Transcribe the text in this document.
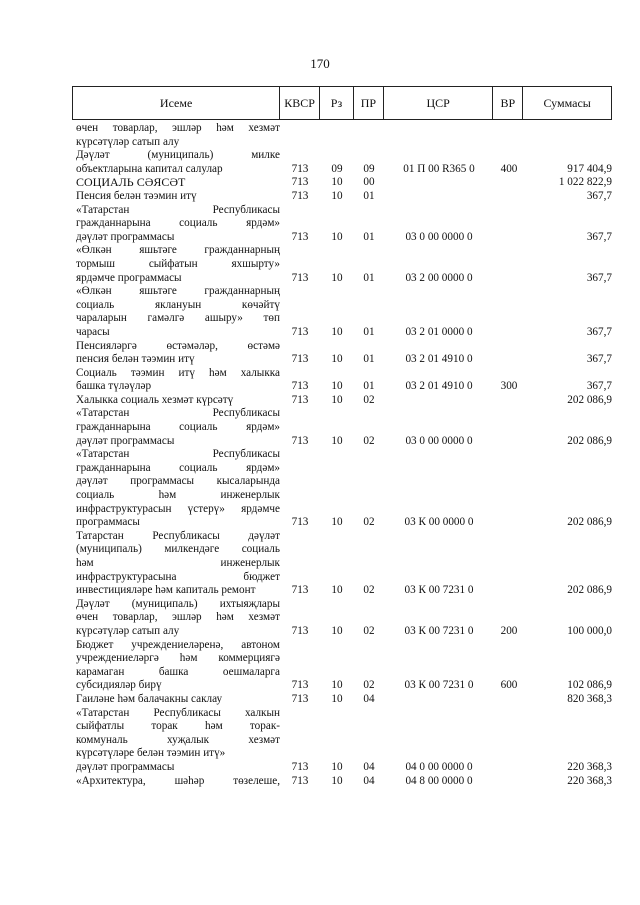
170
Исеме	КВСР	Рз	ПР	ЦСР	ВР	Суммасы
өчен товарлар, эшләр һәм хезмәт
күрсәтүләр сатып алу
Дәүләт (муниципаль) милке
объектларына капитал салулар	713	09	09	01 П 00 R365 0	400	917 404,9
СОЦИАЛЬ СӘЯСӘТ	713	10	00	1 022 822,9
Пенсия белән тәэмин итү	713	10	01	367,7
«Татарстан Республикасы
гражданнарына социаль ярдәм»
дәүләт программасы	713	10	01	03 0 00 0000 0	367,7
«Өлкән яшьтәге гражданнарның
тормыш сыйфатын яхшырту»
ярдәмче программасы	713	10	01	03 2 00 0000 0	367,7
«Өлкән яшьтәге гражданнарның
социаль яклануын көчәйтү
чараларын гамәлгә ашыру» төп
чарасы	713	10	01	03 2 01 0000 0	367,7
Пенсияләргә өстәмәләр, өстәмә
пенсия белән тәэмин итү	713	10	01	03 2 01 4910 0	367,7
Социаль тәэмин итү һәм халыкка
башка түләүләр	713	10	01	03 2 01 4910 0	300	367,7
Халыкка социаль хезмәт күрсәтү	713	10	02	202 086,9
«Татарстан Республикасы
гражданнарына социаль ярдәм»
дәүләт программасы	713	10	02	03 0 00 0000 0	202 086,9
«Татарстан Республикасы
гражданнарына социаль ярдәм»
дәүләт программасы кысаларында
социаль һәм инженерлык
инфраструктурасын үстерү» ярдәмче
программасы	713	10	02	03 К 00 0000 0	202 086,9
Татарстан Республикасы дәүләт
(муниципаль) милкендәге социаль
һәм инженерлык
инфраструктурасына бюджет
инвестицияләре һәм капиталь ремонт	713	10	02	03 К 00 7231 0	202 086,9
Дәүләт (муниципаль) ихтыяҗлары
өчен товарлар, эшләр һәм хезмәт
күрсәтүләр сатып алу	713	10	02	03 К 00 7231 0	200	100 000,0
Бюджет учреждениеләренә, автоном
учреждениеләргә һәм коммерциягә
карамаган башка оешмаларга
субсидияләр бирү	713	10	02	03 К 00 7231 0	600	102 086,9
Гаиләне һәм балачакны саклау	713	10	04	820 368,3
«Татарстан Республикасы халкын
сыйфатлы торак һәм торак-
коммуналь хуҗалык хезмәт
күрсәтүләре белән тәэмин итү»
дәүләт программасы	713	10	04	04 0 00 0000 0	220 368,3
«Архитектура, шәһәр төзелеше,	713	10	04	04 8 00 0000 0	220 368,3
